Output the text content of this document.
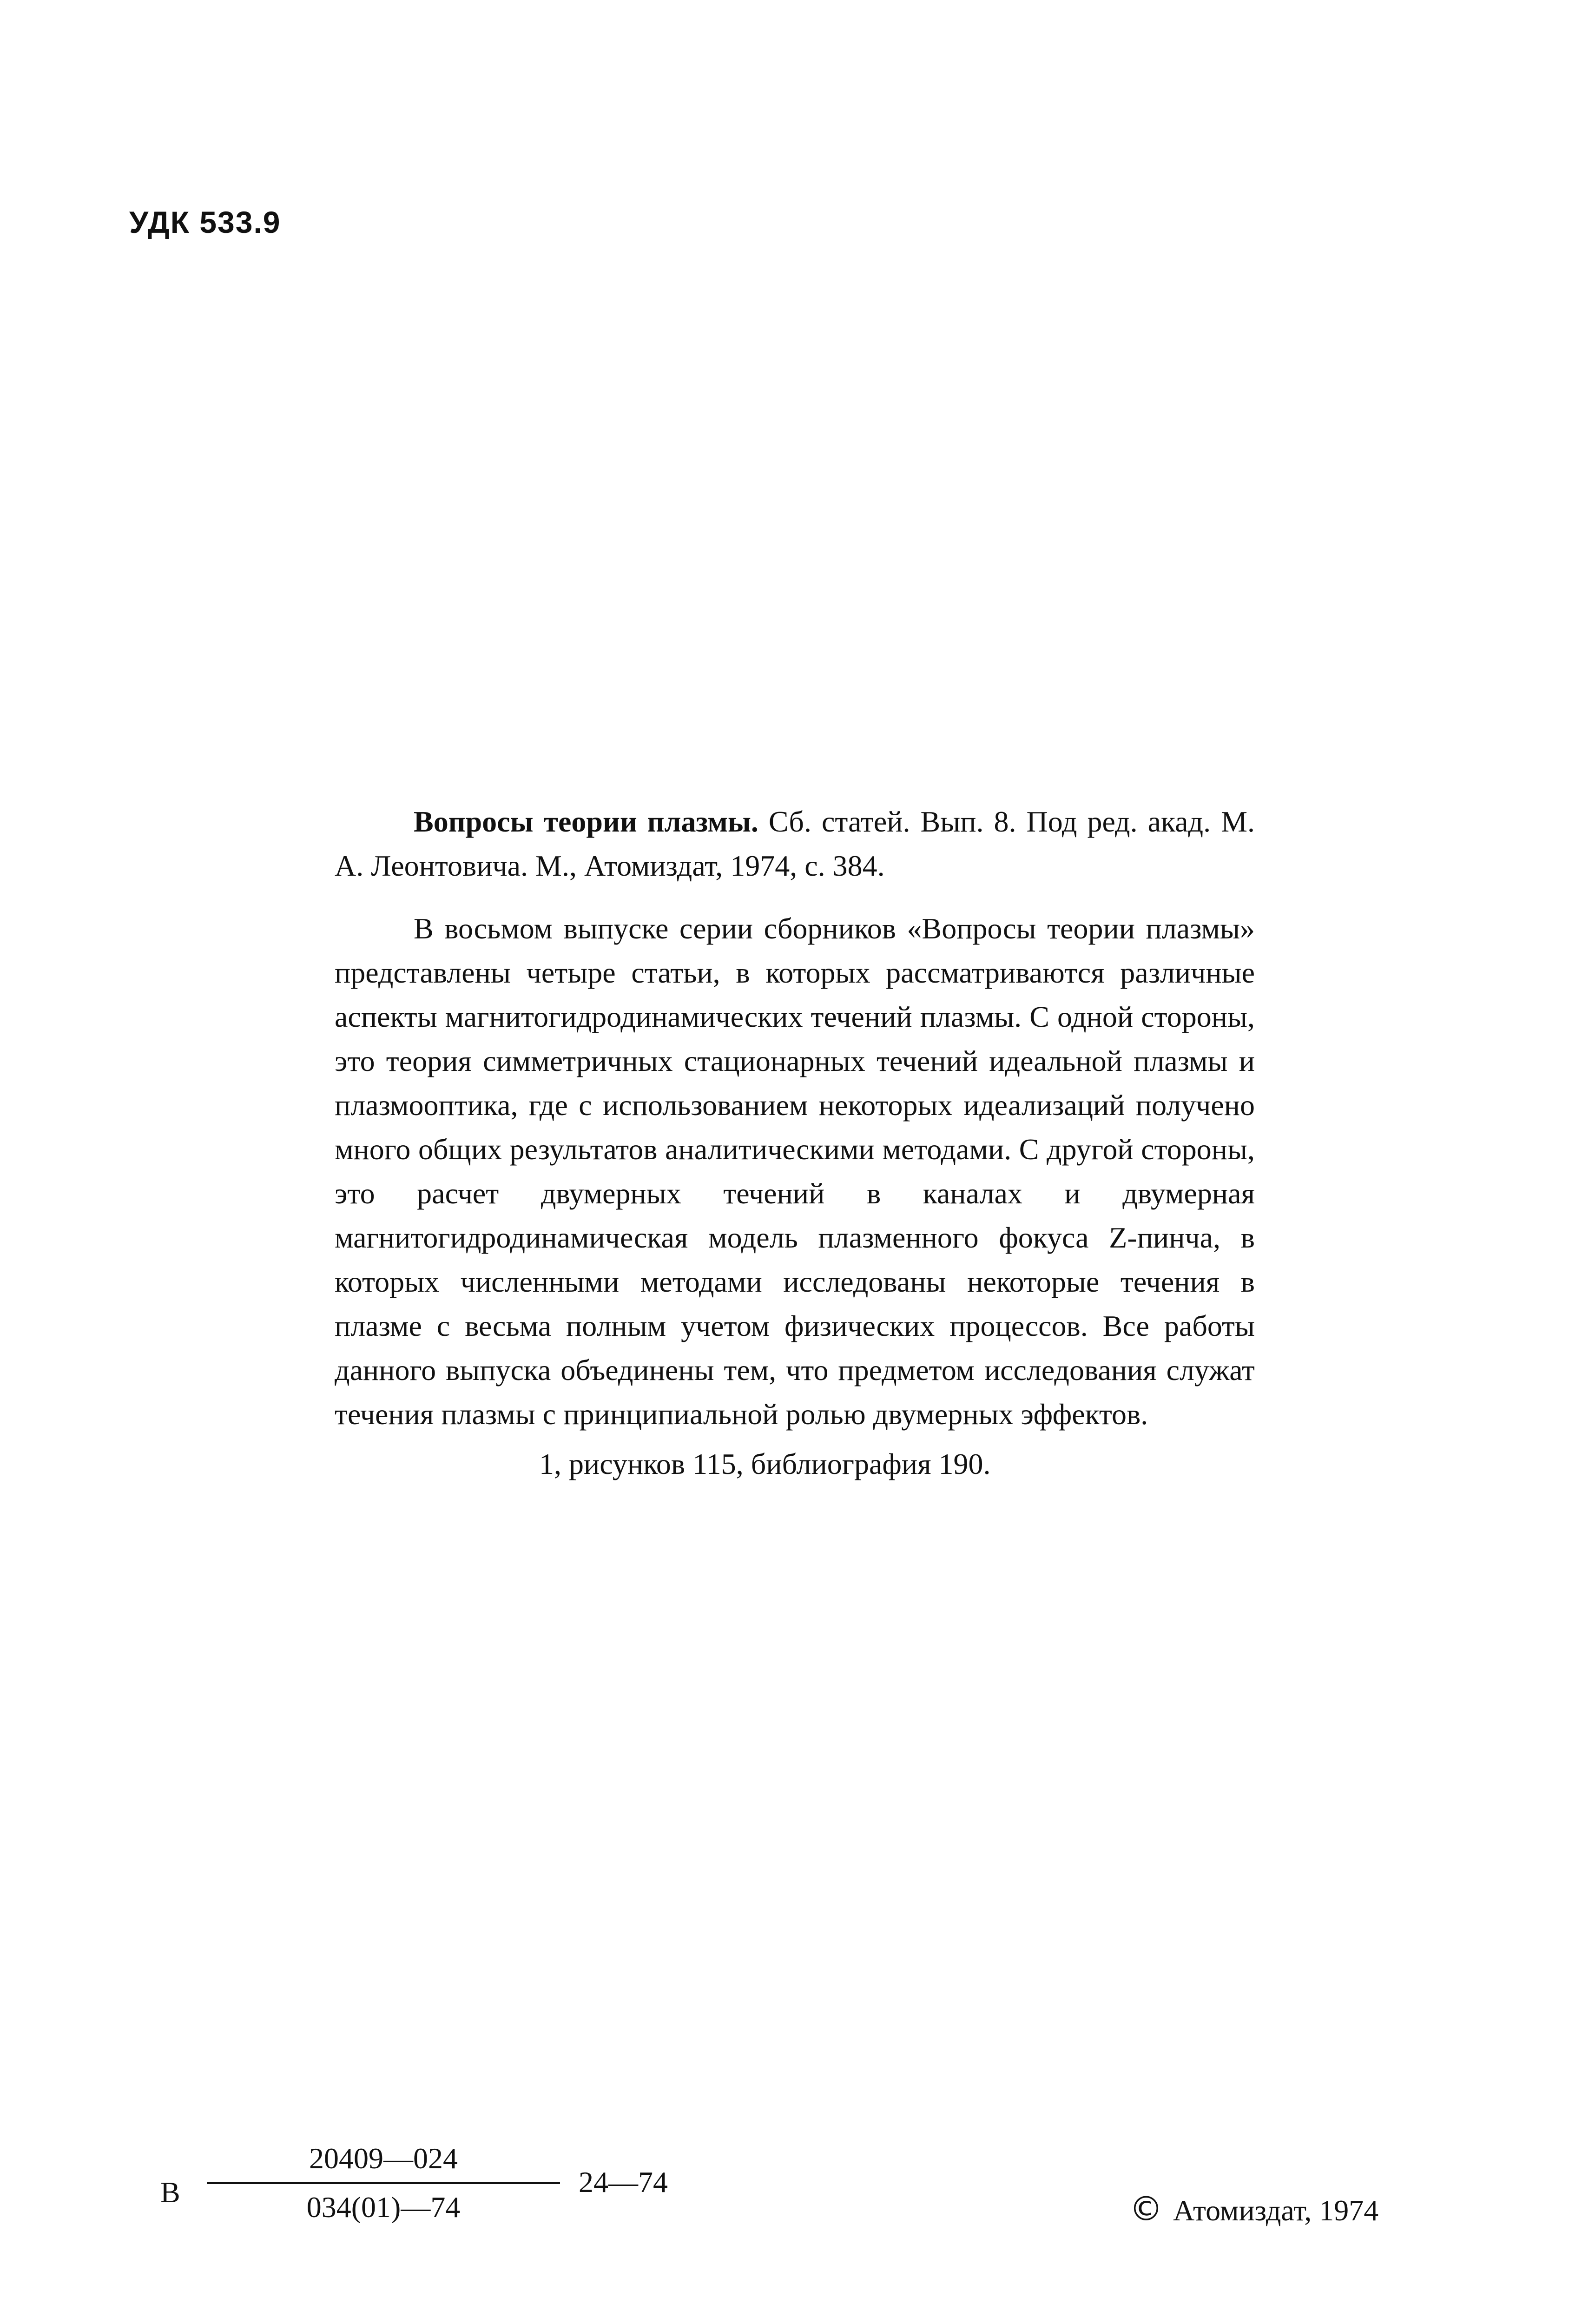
УДК 533.9

Вопросы теории плазмы. Сб. статей. Вып. 8. Под ред. акад. М. А. Леонтовича. М., Атомиздат, 1974, с. 384.

В восьмом выпуске серии сборников «Вопросы теории плазмы» представлены четыре статьи, в которых рассматриваются различные аспекты магнитогидродинамических течений плазмы. С одной стороны, это теория симметричных стационарных течений идеальной плазмы и плазмооптика, где с использованием некоторых идеализаций получено много общих результатов аналитическими методами. С другой стороны, это расчет двумерных течений в каналах и двумерная магнитогидродинамическая модель плазменного фокуса Z-пинча, в которых численными методами исследованы некоторые течения в плазме с весьма полным учетом физических процессов. Все работы данного выпуска объединены тем, что предметом исследования служат течения плазмы с принципиальной ролью двумерных эффектов.

1, рисунков 115, библиография 190.
В
20409—024
034(01)—74
24—74
© Атомиздат, 1974
